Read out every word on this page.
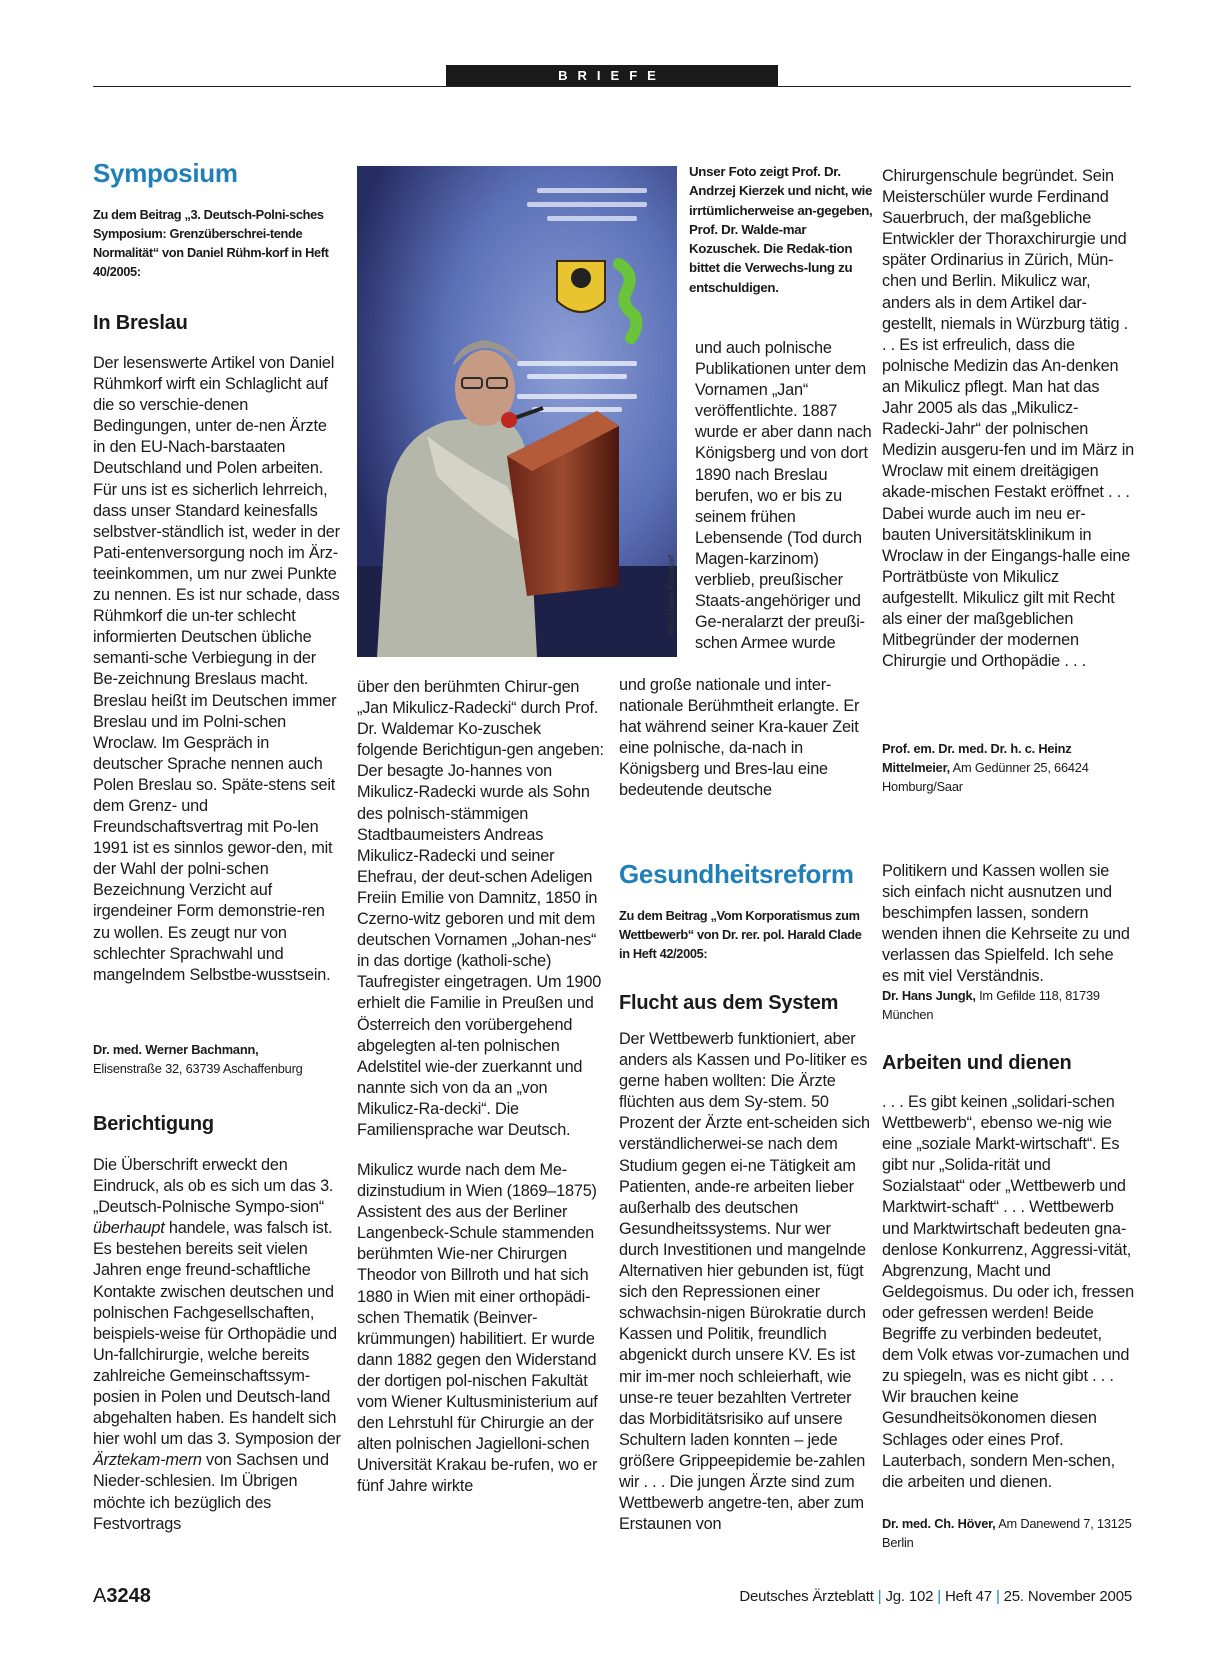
BRIEFE
Symposium
Zu dem Beitrag „3. Deutsch-Polni-sches Symposium: Grenzüberschrei-tende Normalität“ von Daniel Rühm-korf in Heft 40/2005:
In Breslau
Der lesenswerte Artikel von Daniel Rühmkorf wirft ein Schlaglicht auf die so verschie-denen Bedingungen, unter de-nen Ärzte in den EU-Nach-barstaaten Deutschland und Polen arbeiten. Für uns ist es sicherlich lehrreich, dass unser Standard keinesfalls selbstver-ständlich ist, weder in der Pati-entenversorgung noch im Ärz-teeinkommen, um nur zwei Punkte zu nennen. Es ist nur schade, dass Rühmkorf die un-ter schlecht informierten Deutschen übliche semanti-sche Verbiegung in der Be-zeichnung Breslaus macht. Breslau heißt im Deutschen immer Breslau und im Polni-schen Wroclaw. Im Gespräch in deutscher Sprache nennen auch Polen Breslau so. Späte-stens seit dem Grenz- und Freundschaftsvertrag mit Po-len 1991 ist es sinnlos gewor-den, mit der Wahl der polni-schen Bezeichnung Verzicht auf irgendeiner Form demonstrie-ren zu wollen. Es zeugt nur von schlechter Sprachwahl und mangelndem Selbstbe-wusstsein.
Dr. med. Werner Bachmann,
Elisenstraße 32, 63739 Aschaffenburg
Berichtigung
Die Überschrift erweckt den Eindruck, als ob es sich um das 3. „Deutsch-Polnische Sympo-sion“ überhaupt handele, was falsch ist. Es bestehen bereits seit vielen Jahren enge freund-schaftliche Kontakte zwischen deutschen und polnischen Fachgesellschaften, beispiels-weise für Orthopädie und Un-fallchirurgie, welche bereits zahlreiche Gemeinschaftssym-posien in Polen und Deutsch-land abgehalten haben. Es handelt sich hier wohl um das 3. Symposion der Ärztekam-mern von Sachsen und Nieder-schlesien. Im Übrigen möchte ich bezüglich des Festvortrags
Foto: Daniel Rühmkorf
Unser Foto zeigt Prof. Dr. Andrzej Kierzek und nicht, wie irrtümlicherweise an-gegeben, Prof. Dr. Walde-mar Kozuschek. Die Redak-tion bittet die Verwechs-lung zu entschuldigen.
über den berühmten Chirur-gen „Jan Mikulicz-Radecki“ durch Prof. Dr. Waldemar Ko-zuschek folgende Berichtigun-gen angeben: Der besagte Jo-hannes von Mikulicz-Radecki wurde als Sohn des polnisch-stämmigen Stadtbaumeisters Andreas Mikulicz-Radecki und seiner Ehefrau, der deut-schen Adeligen Freiin Emilie von Damnitz, 1850 in Czerno-witz geboren und mit dem deutschen Vornamen „Johan-nes“ in das dortige (katholi-sche) Taufregister eingetragen. Um 1900 erhielt die Familie in Preußen und Österreich den vorübergehend abgelegten al-ten polnischen Adelstitel wie-der zuerkannt und nannte sich von da an „von Mikulicz-Ra-decki“. Die Familiensprache war Deutsch.
Mikulicz wurde nach dem Me-dizinstudium in Wien (1869–1875) Assistent des aus der Berliner Langenbeck-Schule stammenden berühmten Wie-ner Chirurgen Theodor von Billroth und hat sich 1880 in Wien mit einer orthopädi-schen Thematik (Beinver-krümmungen) habilitiert. Er wurde dann 1882 gegen den Widerstand der dortigen pol-nischen Fakultät vom Wiener Kultusministerium auf den Lehrstuhl für Chirurgie an der alten polnischen Jagielloni-schen Universität Krakau be-rufen, wo er fünf Jahre wirkte
und auch polnische Publikationen unter dem Vornamen „Jan“ veröffentlichte. 1887 wurde er aber dann nach Königsberg und von dort 1890 nach Breslau berufen, wo er bis zu seinem frühen Lebensende (Tod durch Magen-karzinom) verblieb, preußischer Staats-angehöriger und Ge-neralarzt der preußi-schen Armee wurde
und große nationale und inter-nationale Berühmtheit erlangte. Er hat während seiner Kra-kauer Zeit eine polnische, da-nach in Königsberg und Bres-lau eine bedeutende deutsche
Chirurgenschule begründet. Sein Meisterschüler wurde Ferdinand Sauerbruch, der maßgebliche Entwickler der Thoraxchirurgie und später Ordinarius in Zürich, Mün-chen und Berlin. Mikulicz war, anders als in dem Artikel dar-gestellt, niemals in Würzburg tätig . . . Es ist erfreulich, dass die polnische Medizin das An-denken an Mikulicz pflegt. Man hat das Jahr 2005 als das „Mikulicz-Radecki-Jahr“ der polnischen Medizin ausgeru-fen und im März in Wroclaw mit einem dreitägigen akade-mischen Festakt eröffnet . . . Dabei wurde auch im neu er-bauten Universitätsklinikum in Wroclaw in der Eingangs-halle eine Porträtbüste von Mikulicz aufgestellt. Mikulicz gilt mit Recht als einer der maßgeblichen Mitbegründer der modernen Chirurgie und Orthopädie . . .
Prof. em. Dr. med. Dr. h. c. Heinz Mittelmeier, Am Gedünner 25, 66424 Homburg/Saar
Gesundheitsreform
Zu dem Beitrag „Vom Korporatismus zum Wettbewerb“ von Dr. rer. pol. Harald Clade in Heft 42/2005:
Flucht aus dem System
Der Wettbewerb funktioniert, aber anders als Kassen und Po-litiker es gerne haben wollten: Die Ärzte flüchten aus dem Sy-stem. 50 Prozent der Ärzte ent-scheiden sich verständlicherwei-se nach dem Studium gegen ei-ne Tätigkeit am Patienten, ande-re arbeiten lieber außerhalb des deutschen Gesundheitssystems. Nur wer durch Investitionen und mangelnde Alternativen hier gebunden ist, fügt sich den Repressionen einer schwachsin-nigen Bürokratie durch Kassen und Politik, freundlich abgenickt durch unsere KV. Es ist mir im-mer noch schleierhaft, wie unse-re teuer bezahlten Vertreter das Morbiditätsrisiko auf unsere Schultern laden konnten – jede größere Grippeepidemie be-zahlen wir . . . Die jungen Ärzte sind zum Wettbewerb angetre-ten, aber zum Erstaunen von
Politikern und Kassen wollen sie sich einfach nicht ausnutzen und beschimpfen lassen, sondern wenden ihnen die Kehrseite zu und verlassen das Spielfeld. Ich sehe es mit viel Verständnis.
Dr. Hans Jungk, Im Gefilde 118, 81739 München
Arbeiten und dienen
. . . Es gibt keinen „solidari-schen Wettbewerb“, ebenso we-nig wie eine „soziale Markt-wirtschaft“. Es gibt nur „Solida-rität und Sozialstaat“ oder „Wettbewerb und Marktwirt-schaft“ . . . Wettbewerb und Marktwirtschaft bedeuten gna-denlose Konkurrenz, Aggressi-vität, Abgrenzung, Macht und Geldegoismus. Du oder ich, fressen oder gefressen werden! Beide Begriffe zu verbinden bedeutet, dem Volk etwas vor-zumachen und zu spiegeln, was es nicht gibt . . . Wir brauchen keine Gesundheitsökonomen diesen Schlages oder eines Prof. Lauterbach, sondern Men-schen, die arbeiten und dienen.
Dr. med. Ch. Höver, Am Danewend 7, 13125 Berlin
A3248	Deutsches Ärzteblatt | Jg. 102 | Heft 47 | 25. November 2005
